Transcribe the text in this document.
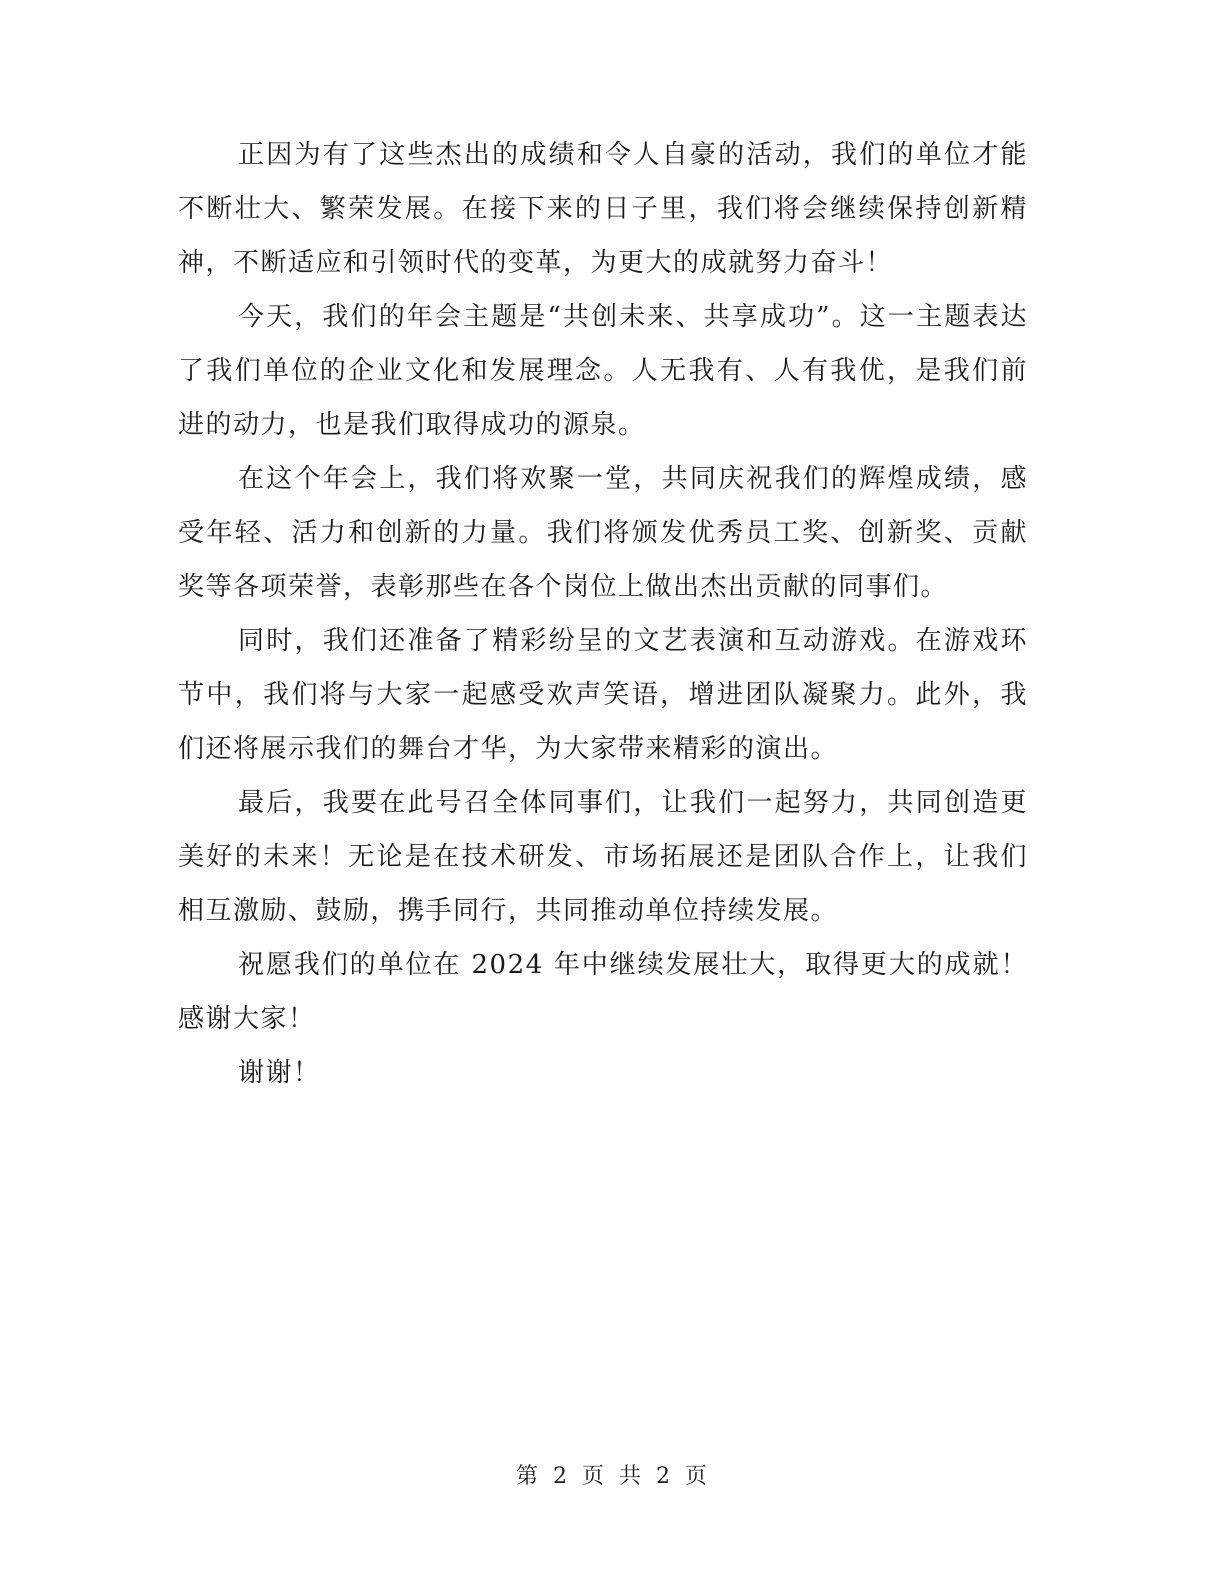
正因为有了这些杰出的成绩和令人自豪的活动，我们的单位才能不断壮大、繁荣发展。在接下来的日子里，我们将会继续保持创新精神，不断适应和引领时代的变革，为更大的成就努力奋斗！

今天，我们的年会主题是“共创未来、共享成功”。这一主题表达了我们单位的企业文化和发展理念。人无我有、人有我优，是我们前进的动力，也是我们取得成功的源泉。

在这个年会上，我们将欢聚一堂，共同庆祝我们的辉煌成绩，感受年轻、活力和创新的力量。我们将颁发优秀员工奖、创新奖、贡献奖等各项荣誉，表彰那些在各个岗位上做出杰出贡献的同事们。

同时，我们还准备了精彩纷呈的文艺表演和互动游戏。在游戏环节中，我们将与大家一起感受欢声笑语，增进团队凝聚力。此外，我们还将展示我们的舞台才华，为大家带来精彩的演出。

最后，我要在此号召全体同事们，让我们一起努力，共同创造更美好的未来！无论是在技术研发、市场拓展还是团队合作上，让我们相互激励、鼓励，携手同行，共同推动单位持续发展。

祝愿我们的单位在 2024 年中继续发展壮大，取得更大的成就！感谢大家！

谢谢！

第 2 页 共 2 页
